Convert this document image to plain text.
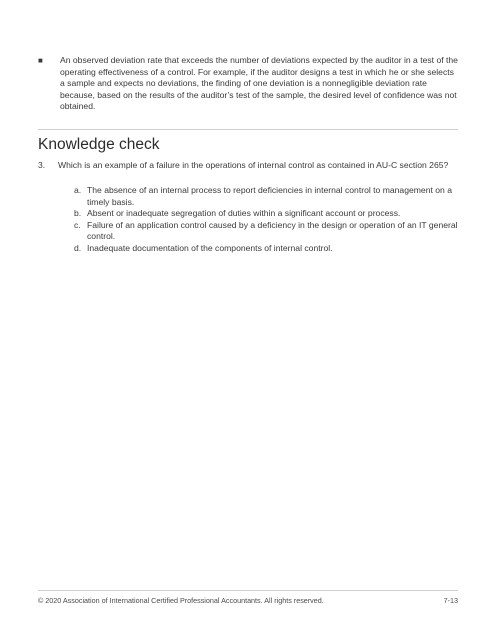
■	An observed deviation rate that exceeds the number of deviations expected by the auditor in a test of the operating effectiveness of a control. For example, if the auditor designs a test in which he or she selects a sample and expects no deviations, the finding of one deviation is a nonnegligible deviation rate because, based on the results of the auditor’s test of the sample, the desired level of confidence was not obtained.
Knowledge check
3.	Which is an example of a failure in the operations of internal control as contained in AU-C section 265?
a. The absence of an internal process to report deficiencies in internal control to management on a timely basis.
b. Absent or inadequate segregation of duties within a significant account or process.
c. Failure of an application control caused by a deficiency in the design or operation of an IT general control.
d. Inadequate documentation of the components of internal control.
© 2020 Association of International Certified Professional Accountants. All rights reserved.	7-13
